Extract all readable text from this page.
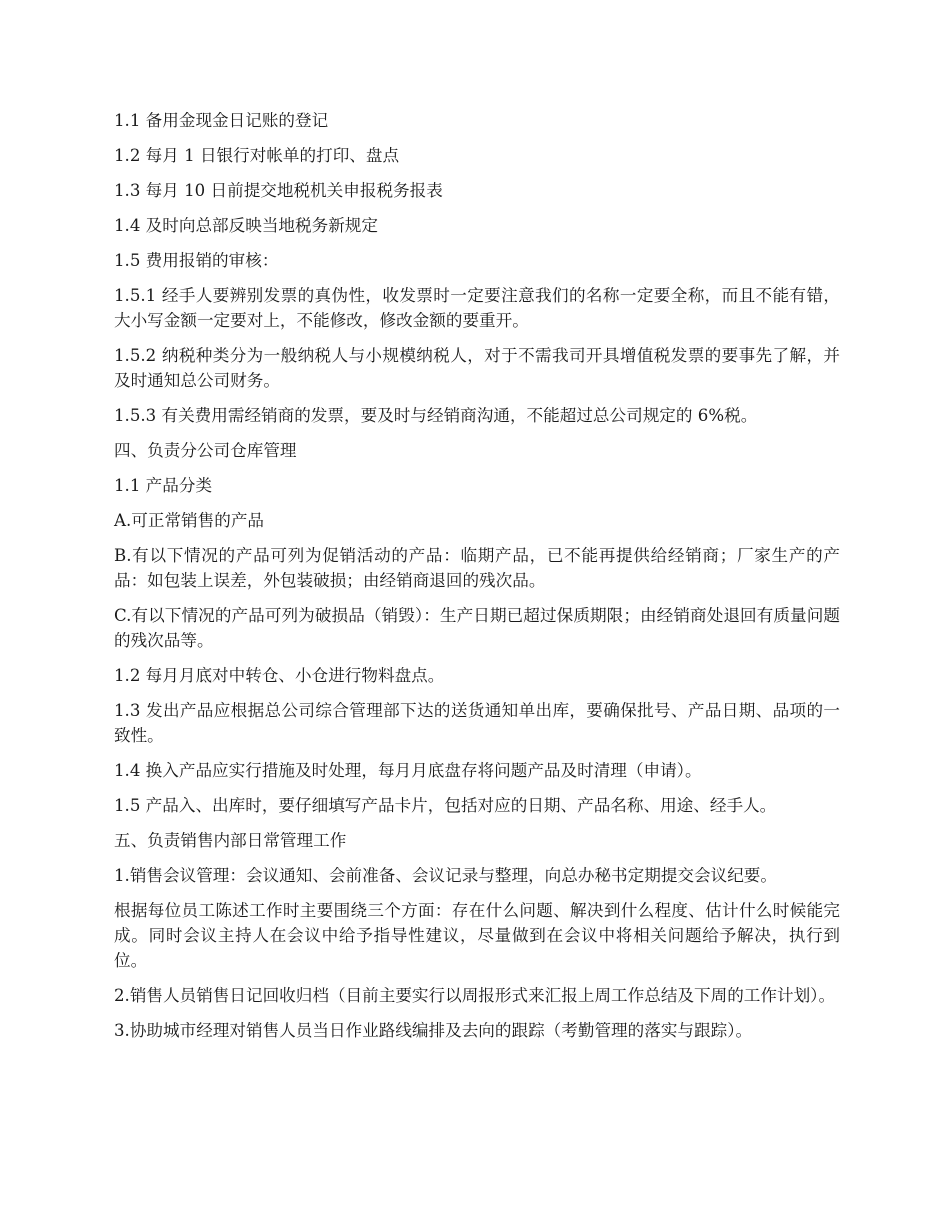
1.1 备用金现金日记账的登记

1.2 每月 1 日银行对帐单的打印、盘点

1.3 每月 10 日前提交地税机关申报税务报表

1.4 及时向总部反映当地税务新规定

1.5 费用报销的审核：

1.5.1 经手人要辨别发票的真伪性，收发票时一定要注意我们的名称一定要全称，而且不能有错，大小写金额一定要对上，不能修改，修改金额的要重开。

1.5.2 纳税种类分为一般纳税人与小规模纳税人，对于不需我司开具增值税发票的要事先了解，并及时通知总公司财务。

1.5.3 有关费用需经销商的发票，要及时与经销商沟通，不能超过总公司规定的 6%税。

四、负责分公司仓库管理

1.1 产品分类

A.可正常销售的产品

B.有以下情况的产品可列为促销活动的产品：临期产品，已不能再提供给经销商；厂家生产的产品：如包装上误差，外包装破损；由经销商退回的残次品。

C.有以下情况的产品可列为破损品（销毁）：生产日期已超过保质期限；由经销商处退回有质量问题的残次品等。

1.2 每月月底对中转仓、小仓进行物料盘点。

1.3 发出产品应根据总公司综合管理部下达的送货通知单出库，要确保批号、产品日期、品项的一致性。

1.4 换入产品应实行措施及时处理，每月月底盘存将问题产品及时清理（申请）。

1.5 产品入、出库时，要仔细填写产品卡片，包括对应的日期、产品名称、用途、经手人。

五、负责销售内部日常管理工作

1.销售会议管理：会议通知、会前准备、会议记录与整理，向总办秘书定期提交会议纪要。

根据每位员工陈述工作时主要围绕三个方面：存在什么问题、解决到什么程度、估计什么时候能完成。同时会议主持人在会议中给予指导性建议，尽量做到在会议中将相关问题给予解决，执行到位。

2.销售人员销售日记回收归档（目前主要实行以周报形式来汇报上周工作总结及下周的工作计划）。

3.协助城市经理对销售人员当日作业路线编排及去向的跟踪（考勤管理的落实与跟踪）。
